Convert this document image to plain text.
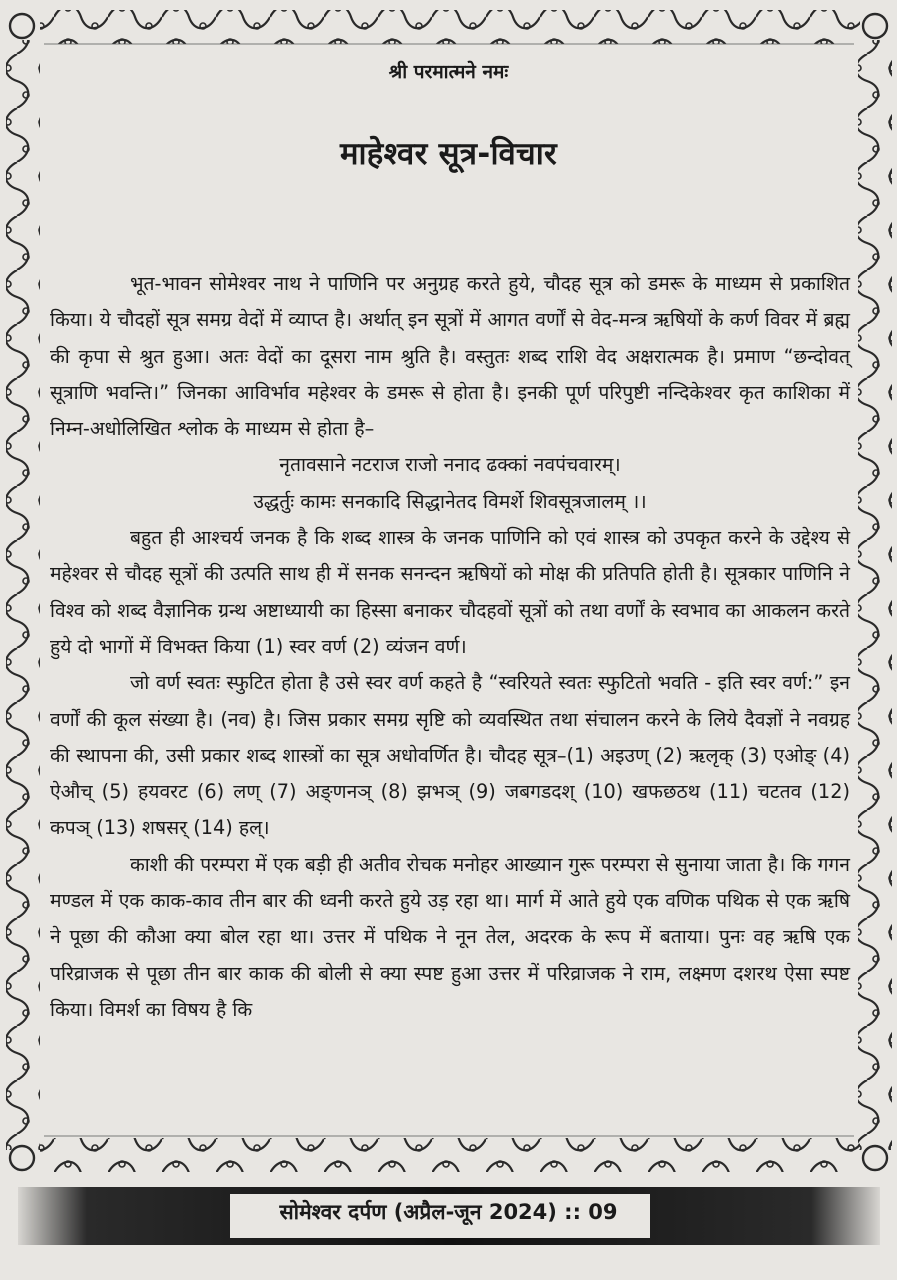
श्री परमात्मने नमः
माहेश्वर सूत्र-विचार

भूत-भावन सोमेश्वर नाथ ने पाणिनि पर अनुग्रह करते हुये, चौदह सूत्र को डमरू के माध्यम से प्रकाशित किया। ये चौदहों सूत्र समग्र वेदों में व्याप्त है। अर्थात् इन सूत्रों में आगत वर्णों से वेद-मन्त्र ऋषियों के कर्ण विवर में ब्रह्म की कृपा से श्रुत हुआ। अतः वेदों का दूसरा नाम श्रुति है। वस्तुतः शब्द राशि वेद अक्षरात्मक है। प्रमाण “छन्दोवत् सूत्राणि भवन्ति।” जिनका आविर्भाव महेश्वर के डमरू से होता है। इनकी पूर्ण परिपुष्टी नन्दिकेश्वर कृत काशिका में निम्न-अधोलिखित श्लोक के माध्यम से होता है–

नृतावसाने नटराज राजो ननाद ढक्कां नवपंचवारम्।

उद्धर्तुः कामः सनकादि सिद्धानेतद विमर्शे शिवसूत्रजालम् ।।

बहुत ही आश्चर्य जनक है कि शब्द शास्त्र के जनक पाणिनि को एवं शास्त्र को उपकृत करने के उद्देश्य से महेश्वर से चौदह सूत्रों की उत्पति साथ ही में सनक सनन्दन ऋषियों को मोक्ष की प्रतिपति होती है। सूत्रकार पाणिनि ने विश्व को शब्द वैज्ञानिक ग्रन्थ अष्टाध्यायी का हिस्सा बनाकर चौदहवों सूत्रों को तथा वर्णों के स्वभाव का आकलन करते हुये दो भागों में विभक्त किया (1) स्वर वर्ण (2) व्यंजन वर्ण।

जो वर्ण स्वतः स्फुटित होता है उसे स्वर वर्ण कहते है “स्वरियते स्वतः स्फुटितो भवति - इति स्वर वर्ण:” इन वर्णों की कूल संख्या है। (नव) है। जिस प्रकार समग्र सृष्टि को व्यवस्थित तथा संचालन करने के लिये दैवज्ञों ने नवग्रह की स्थापना की, उसी प्रकार शब्द शास्त्रों का सूत्र अधोवर्णित है। चौदह सूत्र–(1) अइउण् (2) ऋलृक् (3) एओङ् (4) ऐऔच् (5) हयवरट (6) लण् (7) अङ्णनञ् (8) झभञ् (9) जबगडदश् (10) खफछठथ (11) चटतव (12) कपञ् (13) शषसर् (14) हल्।

काशी की परम्परा में एक बड़ी ही अतीव रोचक मनोहर आख्यान गुरू परम्परा से सुनाया जाता है। कि गगन मण्डल में एक काक-काव तीन बार की ध्वनी करते हुये उड़ रहा था। मार्ग में आते हुये एक वणिक पथिक से एक ऋषि ने पूछा की कौआ क्या बोल रहा था। उत्तर में पथिक ने नून तेल, अदरक के रूप में बताया। पुनः वह ऋषि एक परिव्राजक से पूछा तीन बार काक की बोली से क्या स्पष्ट हुआ उत्तर में परिव्राजक ने राम, लक्ष्मण दशरथ ऐसा स्पष्ट किया। विमर्श का विषय है कि

सोमेश्वर दर्पण (अप्रैल-जून 2024) :: 09
